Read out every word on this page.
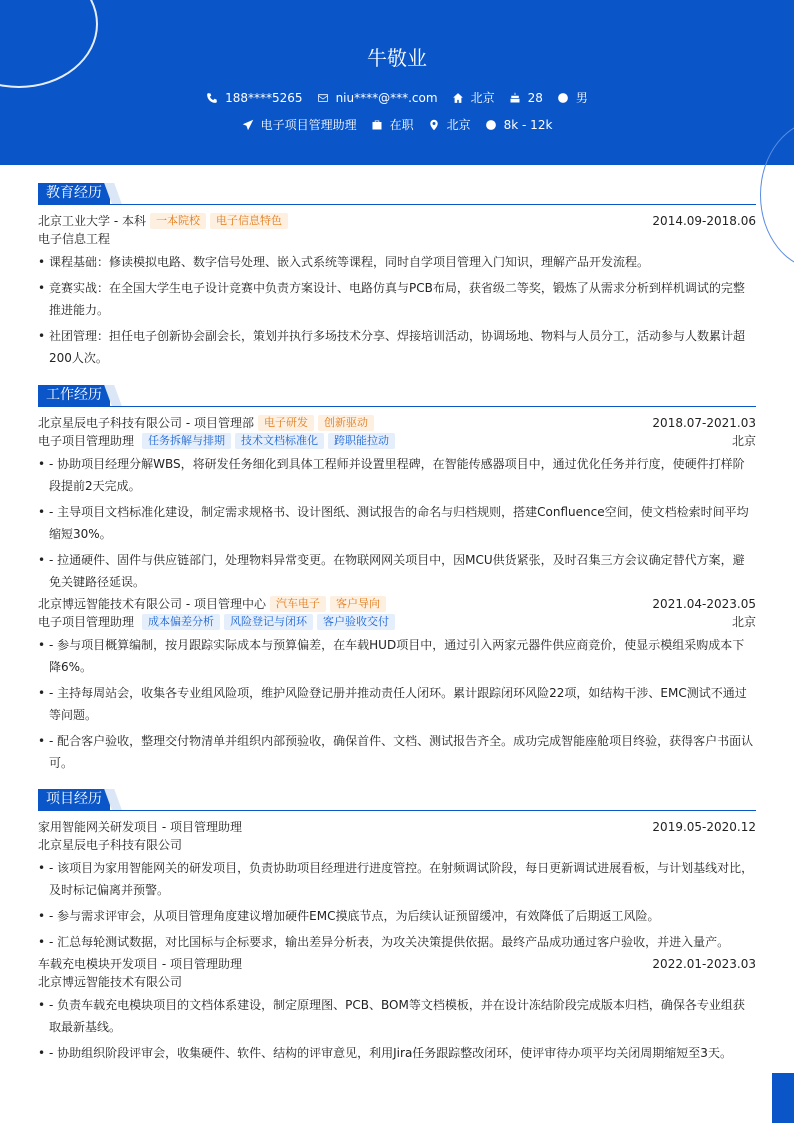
牛敬业
188****5265	niu****@***.com	北京	28	男
电子项目管理助理	在职	北京	8k - 12k
教育经历
北京工业大学 - 本科 一本院校	电子信息特色	2014.09-2018.06
电子信息工程
• 课程基础：修读模拟电路、数字信号处理、嵌入式系统等课程，同时自学项目管理入门知识，理解产品开发流程。
• 竞赛实战：在全国大学生电子设计竞赛中负责方案设计、电路仿真与PCB布局，获省级二等奖，锻炼了从需求分析到样机调试的完整推进能力。
• 社团管理：担任电子创新协会副会长，策划并执行多场技术分享、焊接培训活动，协调场地、物料与人员分工，活动参与人数累计超200人次。
工作经历
北京星辰电子科技有限公司 - 项目管理部 电子研发	创新驱动	2018.07-2021.03
电子项目管理助理	任务拆解与排期	技术文档标准化	跨职能拉动	北京
• - 协助项目经理分解WBS，将研发任务细化到具体工程师并设置里程碑，在智能传感器项目中，通过优化任务并行度，使硬件打样阶段提前2天完成。
• - 主导项目文档标准化建设，制定需求规格书、设计图纸、测试报告的命名与归档规则，搭建Confluence空间，使文档检索时间平均缩短30%。
• - 拉通硬件、固件与供应链部门，处理物料异常变更。在物联网网关项目中，因MCU供货紧张，及时召集三方会议确定替代方案，避免关键路径延误。
北京博远智能技术有限公司 - 项目管理中心 汽车电子	客户导向	2021.04-2023.05
电子项目管理助理	成本偏差分析	风险登记与闭环	客户验收交付	北京
• - 参与项目概算编制，按月跟踪实际成本与预算偏差，在车载HUD项目中，通过引入两家元器件供应商竞价，使显示模组采购成本下降6%。
• - 主持每周站会，收集各专业组风险项，维护风险登记册并推动责任人闭环。累计跟踪闭环风险22项，如结构干涉、EMC测试不通过等问题。
• - 配合客户验收，整理交付物清单并组织内部预验收，确保首件、文档、测试报告齐全。成功完成智能座舱项目终验，获得客户书面认可。
项目经历
家用智能网关研发项目 - 项目管理助理	2019.05-2020.12
北京星辰电子科技有限公司
• - 该项目为家用智能网关的研发项目，负责协助项目经理进行进度管控。在射频调试阶段，每日更新调试进展看板，与计划基线对比，及时标记偏离并预警。
• - 参与需求评审会，从项目管理角度建议增加硬件EMC摸底节点，为后续认证预留缓冲，有效降低了后期返工风险。
• - 汇总每轮测试数据，对比国标与企标要求，输出差异分析表，为攻关决策提供依据。最终产品成功通过客户验收，并进入量产。
车载充电模块开发项目 - 项目管理助理	2022.01-2023.03
北京博远智能技术有限公司
• - 负责车载充电模块项目的文档体系建设，制定原理图、PCB、BOM等文档模板，并在设计冻结阶段完成版本归档，确保各专业组获取最新基线。
• - 协助组织阶段评审会，收集硬件、软件、结构的评审意见，利用Jira任务跟踪整改闭环，使评审待办项平均关闭周期缩短至3天。
